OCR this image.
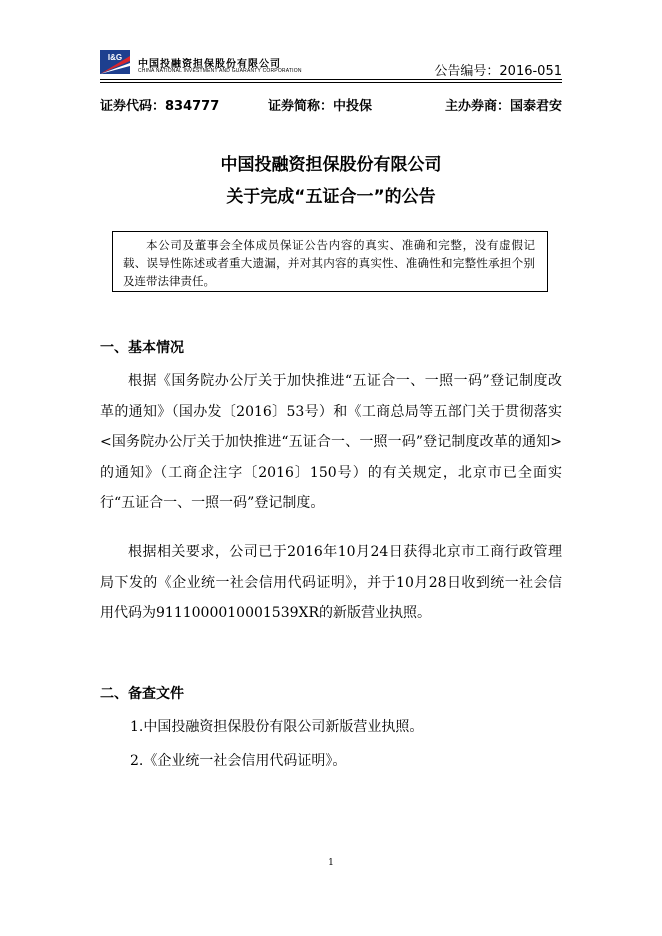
I&G
中国投融资担保股份有限公司
CHINA NATIONAL INVESTMENT AND GUARANTY CORPORATION	公告编号：2016-051
证券代码：834777	证券简称：中投保	主办券商：国泰君安
中国投融资担保股份有限公司
关于完成“五证合一”的公告
本公司及董事会全体成员保证公告内容的真实、准确和完整，没有虚假记载、误导性陈述或者重大遗漏，并对其内容的真实性、准确性和完整性承担个别及连带法律责任。
一、基本情况
根据《国务院办公厅关于加快推进“五证合一、一照一码”登记制度改革的通知》（国办发〔2016〕53号）和《工商总局等五部门关于贯彻落实<国务院办公厅关于加快推进“五证合一、一照一码”登记制度改革的通知>的通知》（工商企注字〔2016〕150号）的有关规定，北京市已全面实行“五证合一、一照一码”登记制度。
根据相关要求，公司已于2016年10月24日获得北京市工商行政管理局下发的《企业统一社会信用代码证明》，并于10月28日收到统一社会信用代码为9111000010001539XR的新版营业执照。
二、备查文件
1.中国投融资担保股份有限公司新版营业执照。
2.《企业统一社会信用代码证明》。
1
